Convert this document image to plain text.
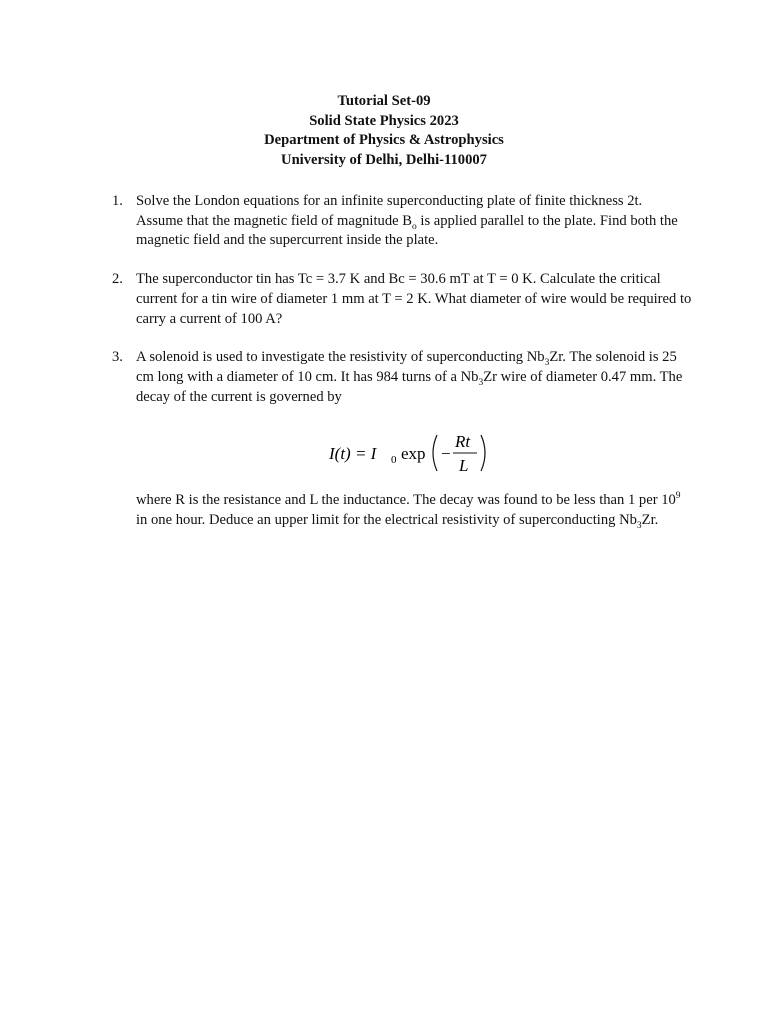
Tutorial Set-09
Solid State Physics 2023
Department of Physics & Astrophysics
University of Delhi, Delhi-110007
1. Solve the London equations for an infinite superconducting plate of finite thickness 2t. Assume that the magnetic field of magnitude $B_o$ is applied parallel to the plate. Find both the magnetic field and the supercurrent inside the plate.
2. The superconductor tin has Tc = 3.7 K and Bc = 30.6 mT at T = 0 K. Calculate the critical current for a tin wire of diameter 1 mm at T = 2 K. What diameter of wire would be required to carry a current of 100 A?
3. A solenoid is used to investigate the resistivity of superconducting $Nb_3Zr$. The solenoid is 25 cm long with a diameter of 10 cm. It has 984 turns of a $Nb_3Zr$ wire of diameter 0.47 mm. The decay of the current is governed by
I(t) = I 0 exp −
Rt
L
where R is the resistance and L the inductance. The decay was found to be less than 1 per $10^9$ in one hour. Deduce an upper limit for the electrical resistivity of superconducting $Nb_3Zr$.
